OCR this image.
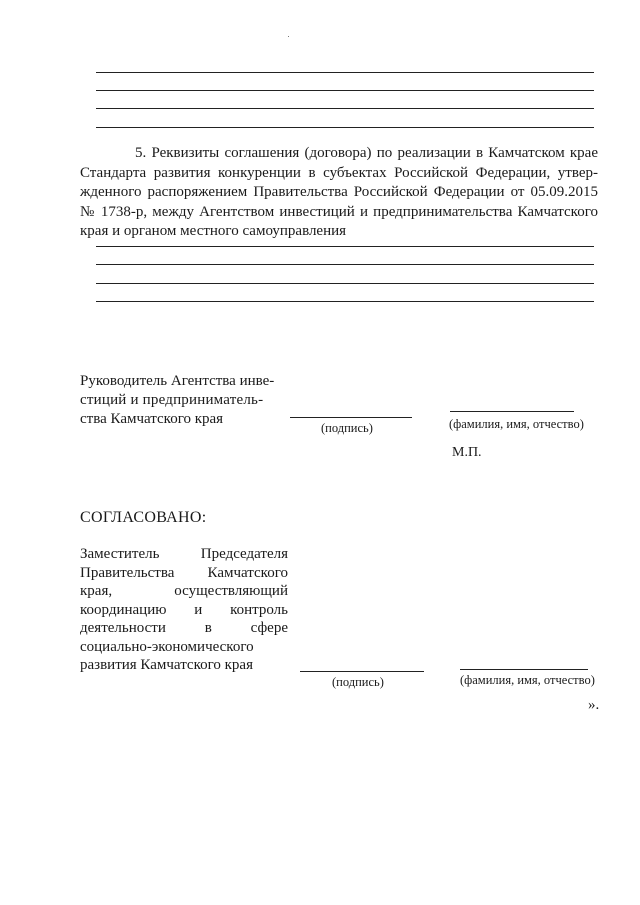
5. Реквизиты соглашения (договора) по реализации в Камчатском крае Стандарта развития конкуренции в субъектах Российской Федерации, утвер-жденного распоряжением Правительства Российской Федерации от 05.09.2015 № 1738-р, между Агентством инвестиций и предпринимательства Камчатского края и органом местного самоуправления
Руководитель Агентства инве-
стиций и предприниматель-
ства Камчатского края
(подпись)	(фамилия, имя, отчество)
М.П.
СОГЛАСОВАНО:
Заместитель Председателя Правительства Камчатского края, осуществляющий координацию и контроль деятельности в сфере социально-экономического развития Камчатского края
(подпись)	(фамилия, имя, отчество)
».
